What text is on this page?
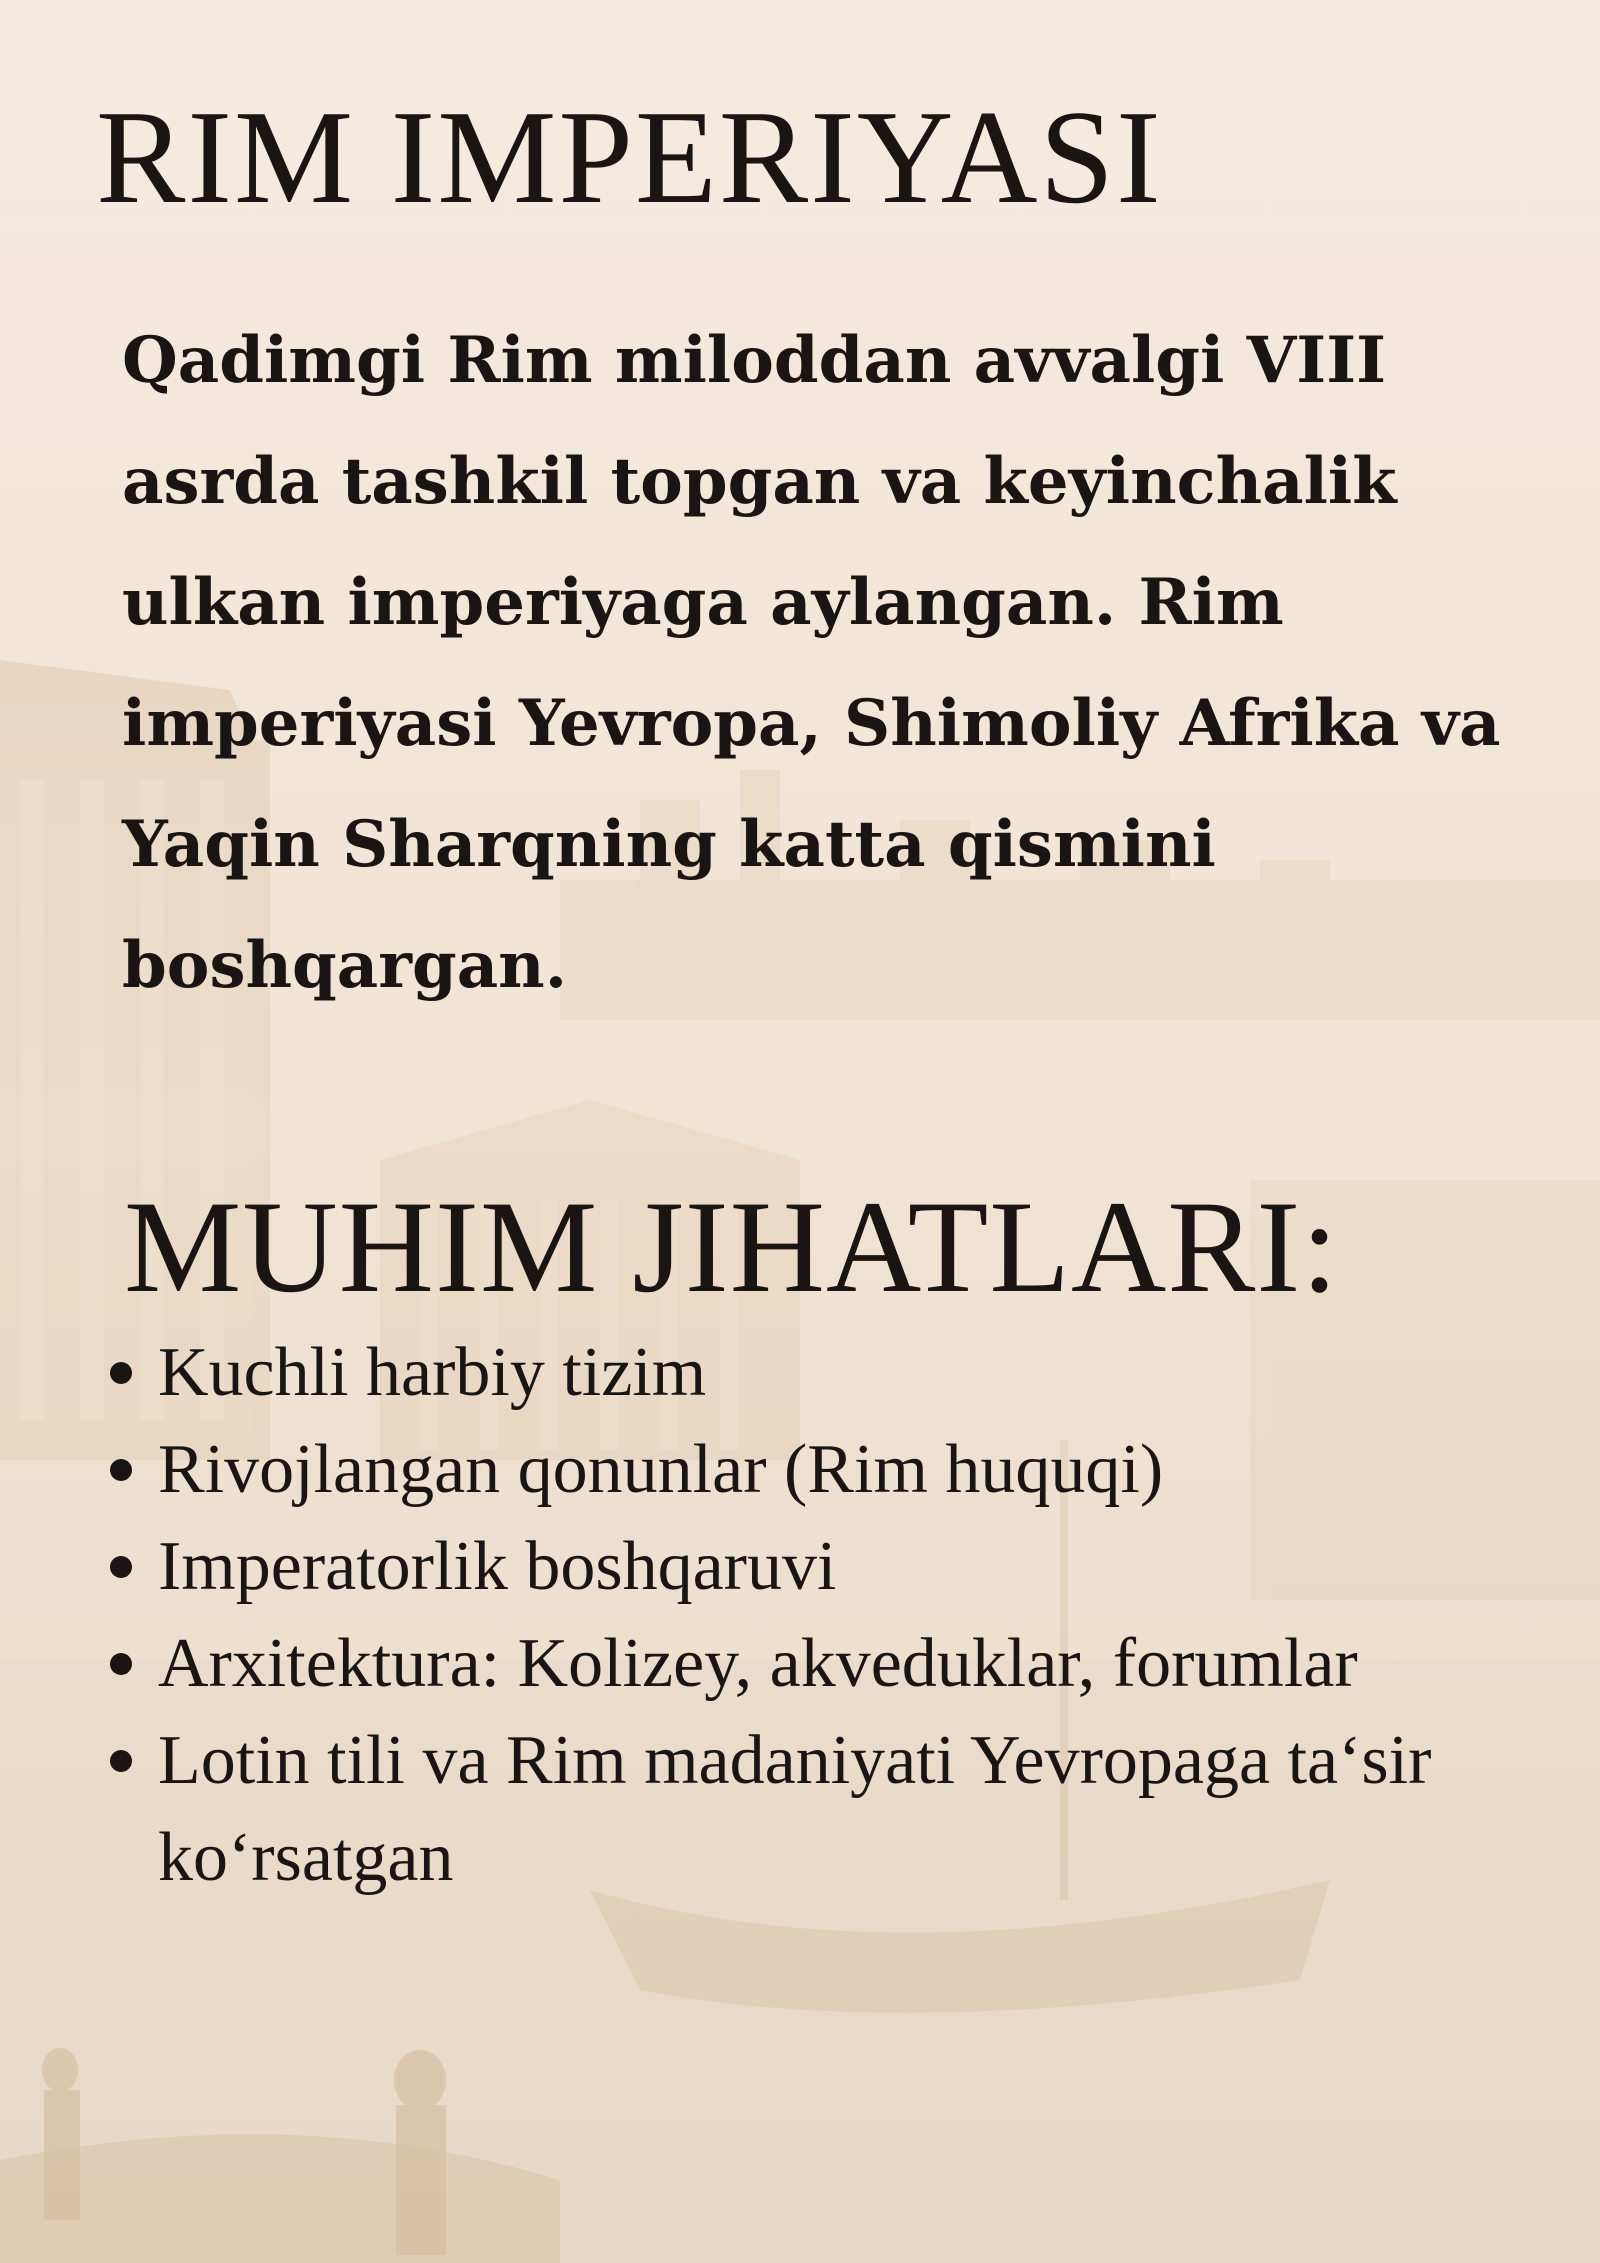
RIM IMPERIYASI

Qadimgi Rim miloddan avvalgi VIII asrda tashkil topgan va keyinchalik ulkan imperiyaga aylangan. Rim imperiyasi Yevropa, Shimoliy Afrika va Yaqin Sharqning katta qismini boshqargan.

MUHIM JIHATLARI:
Kuchli harbiy tizim
Rivojlangan qonunlar (Rim huquqi)
Imperatorlik boshqaruvi
Arxitektura: Kolizey, akveduklar, forumlar
Lotin tili va Rim madaniyati Yevropaga ta‘sir ko‘rsatgan
